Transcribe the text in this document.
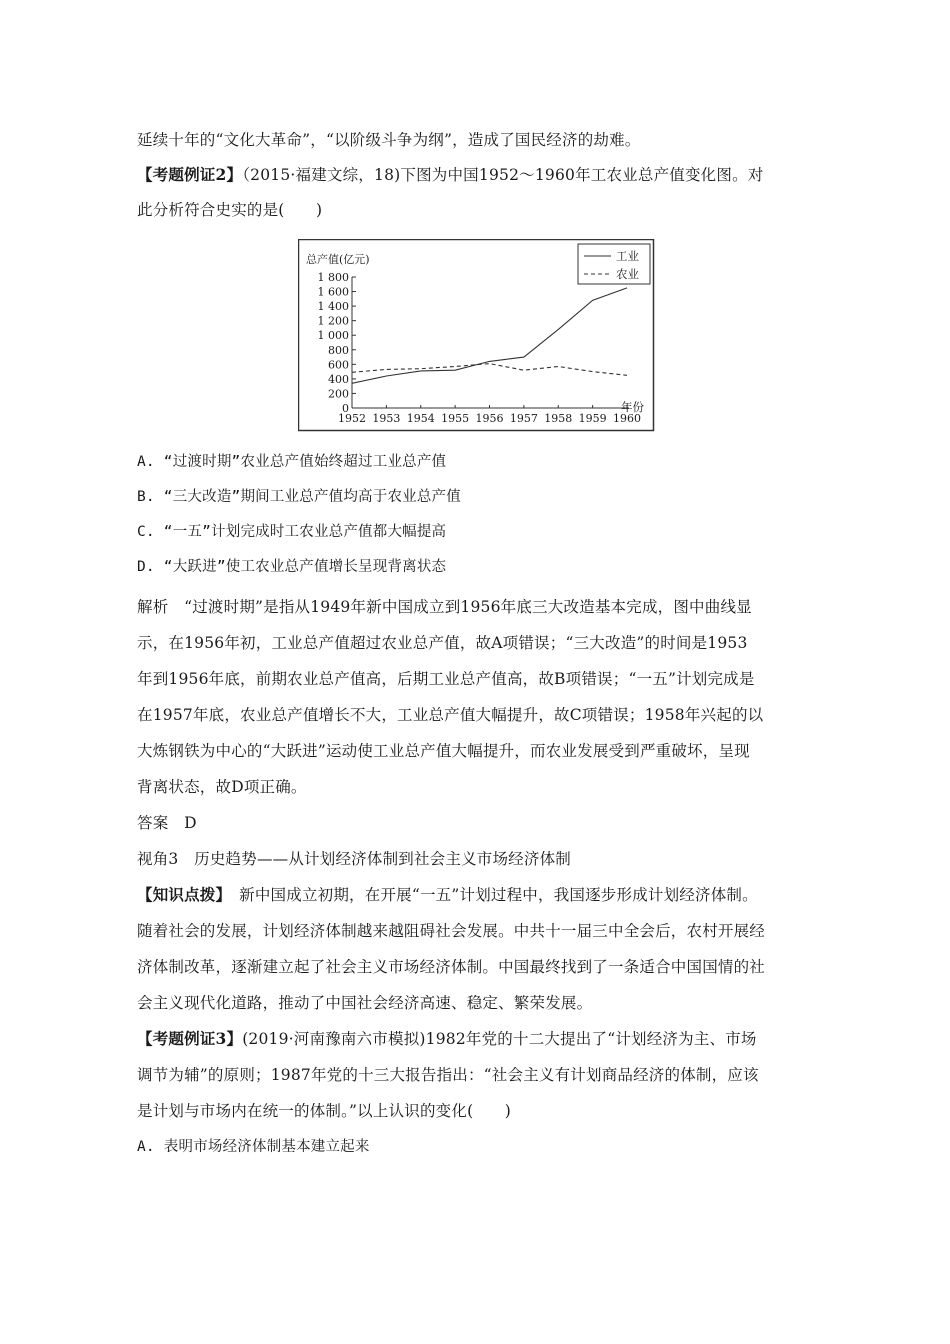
延续十年的“文化大革命”，“以阶级斗争为纲”，造成了国民经济的劫难。
【考题例证2】（2015·福建文综，18)下图为中国1952～1960年工农业总产值变化图。对
此分析符合史实的是(　　)
总产值(亿元)
0
200
400
600
800
1 000
1 200
1 400
1 600
1 800
1952 1953 1954 1955 1956 1957 1958 1959 1960
工业
农业
年份
A. “过渡时期”农业总产值始终超过工业总产值
B. “三大改造”期间工业总产值均高于农业总产值
C. “一五”计划完成时工农业总产值都大幅提高
D. “大跃进”使工农业总产值增长呈现背离状态
解析　“过渡时期”是指从1949年新中国成立到1956年底三大改造基本完成，图中曲线显
示，在1956年初，工业总产值超过农业总产值，故A项错误；“三大改造”的时间是1953
年到1956年底，前期农业总产值高，后期工业总产值高，故B项错误；“一五”计划完成是
在1957年底，农业总产值增长不大，工业总产值大幅提升，故C项错误；1958年兴起的以
大炼钢铁为中心的“大跃进”运动使工业总产值大幅提升，而农业发展受到严重破坏，呈现
背离状态，故D项正确。
答案　D
视角3　历史趋势——从计划经济体制到社会主义市场经济体制
【知识点拨】　 新中国成立初期，在开展“一五”计划过程中，我国逐步形成计划经济体制。
随着社会的发展，计划经济体制越来越阻碍社会发展。中共十一届三中全会后，农村开展经
济体制改革，逐渐建立起了社会主义市场经济体制。中国最终找到了一条适合中国国情的社
会主义现代化道路，推动了中国社会经济高速、稳定、繁荣发展。
【考题例证3】(2019·河南豫南六市模拟)1982年党的十二大提出了“计划经济为主、市场
调节为辅”的原则；1987年党的十三大报告指出：“社会主义有计划商品经济的体制，应该
是计划与市场内在统一的体制。”以上认识的变化(　　)
A. 表明市场经济体制基本建立起来
